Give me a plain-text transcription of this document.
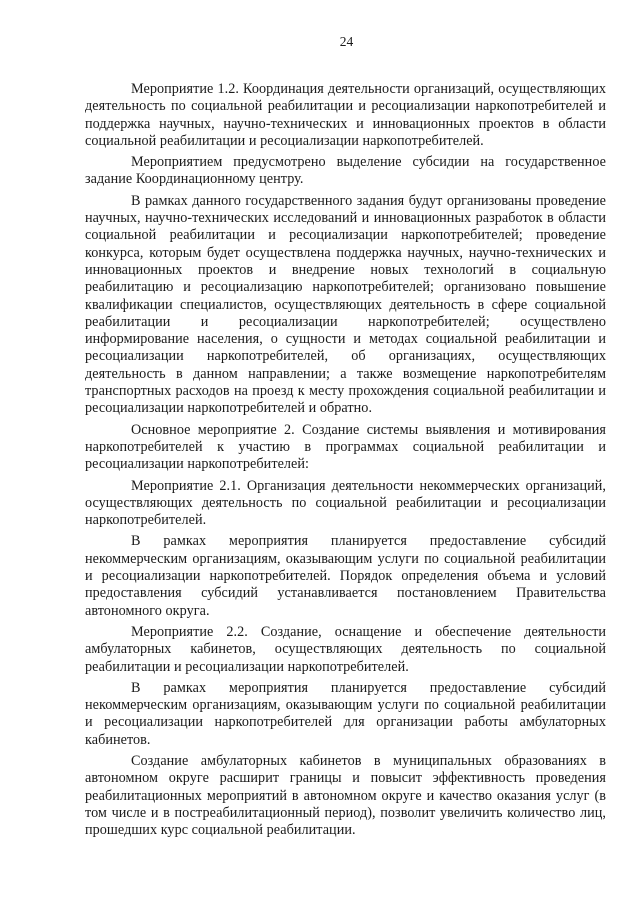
24

Мероприятие 1.2. Координация деятельности организаций, осуществляющих деятельность по социальной реабилитации и ресоциализации наркопотребителей и поддержка научных, научно-технических и инновационных проектов в области социальной реабилитации и ресоциализации наркопотребителей.

Мероприятием предусмотрено выделение субсидии на государственное задание Координационному центру.

В рамках данного государственного задания будут организованы проведение научных, научно-технических исследований и инновационных разработок в области социальной реабилитации и ресоциализации наркопотребителей; проведение конкурса, которым будет осуществлена поддержка научных, научно-технических и инновационных проектов и внедрение новых технологий в социальную реабилитацию и ресоциализацию наркопотребителей; организовано повышение квалификации специалистов, осуществляющих деятельность в сфере социальной реабилитации и ресоциализации наркопотребителей; осуществлено информирование населения, о сущности и методах социальной реабилитации и ресоциализации наркопотребителей, об организациях, осуществляющих деятельность в данном направлении; а также возмещение наркопотребителям транспортных расходов на проезд к месту прохождения социальной реабилитации и ресоциализации наркопотребителей и обратно.

Основное мероприятие 2. Создание системы выявления и мотивирования наркопотребителей к участию в программах социальной реабилитации и ресоциализации наркопотребителей:

Мероприятие 2.1. Организация деятельности некоммерческих организаций, осуществляющих деятельность по социальной реабилитации и ресоциализации наркопотребителей.

В рамках мероприятия планируется предоставление субсидий некоммерческим организациям, оказывающим услуги по социальной реабилитации и ресоциализации наркопотребителей. Порядок определения объема и условий предоставления субсидий устанавливается постановлением Правительства автономного округа.

Мероприятие 2.2. Создание, оснащение и обеспечение деятельности амбулаторных кабинетов, осуществляющих деятельность по социальной реабилитации и ресоциализации наркопотребителей.

В рамках мероприятия планируется предоставление субсидий некоммерческим организациям, оказывающим услуги по социальной реабилитации и ресоциализации наркопотребителей для организации работы амбулаторных кабинетов.

Создание амбулаторных кабинетов в муниципальных образованиях в автономном округе расширит границы и повысит эффективность проведения реабилитационных мероприятий в автономном округе и качество оказания услуг (в том числе и в постреабилитационный период), позволит увеличить количество лиц, прошедших курс социальной реабилитации.
